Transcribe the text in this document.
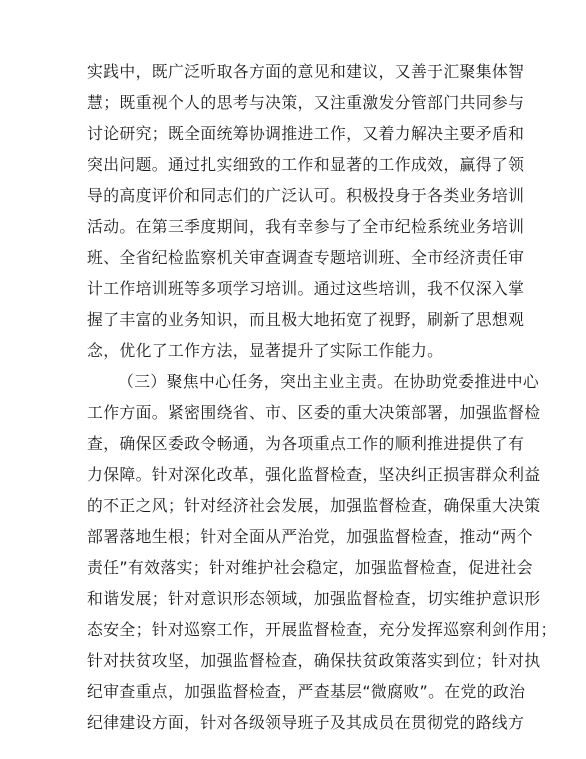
实践中，既广泛听取各方面的意见和建议，又善于汇聚集体智
慧；既重视个人的思考与决策，又注重激发分管部门共同参与
讨论研究；既全面统筹协调推进工作，又着力解决主要矛盾和
突出问题。通过扎实细致的工作和显著的工作成效，赢得了领
导的高度评价和同志们的广泛认可。积极投身于各类业务培训
活动。在第三季度期间，我有幸参与了全市纪检系统业务培训
班、全省纪检监察机关审查调查专题培训班、全市经济责任审
计工作培训班等多项学习培训。通过这些培训，我不仅深入掌
握了丰富的业务知识，而且极大地拓宽了视野，刷新了思想观
念，优化了工作方法，显著提升了实际工作能力。
（三）聚焦中心任务，突出主业主责。在协助党委推进中心
工作方面。紧密围绕省、市、区委的重大决策部署，加强监督检
查，确保区委政令畅通，为各项重点工作的顺利推进提供了有
力保障。针对深化改革，强化监督检查，坚决纠正损害群众利益
的不正之风；针对经济社会发展，加强监督检查，确保重大决策
部署落地生根；针对全面从严治党，加强监督检查，推动“两个
责任”有效落实；针对维护社会稳定，加强监督检查，促进社会
和谐发展；针对意识形态领域，加强监督检查，切实维护意识形
态安全；针对巡察工作，开展监督检查，充分发挥巡察利剑作用；
针对扶贫攻坚，加强监督检查，确保扶贫政策落实到位；针对执
纪审查重点，加强监督检查，严查基层“微腐败”。在党的政治
纪律建设方面，针对各级领导班子及其成员在贯彻党的路线方
